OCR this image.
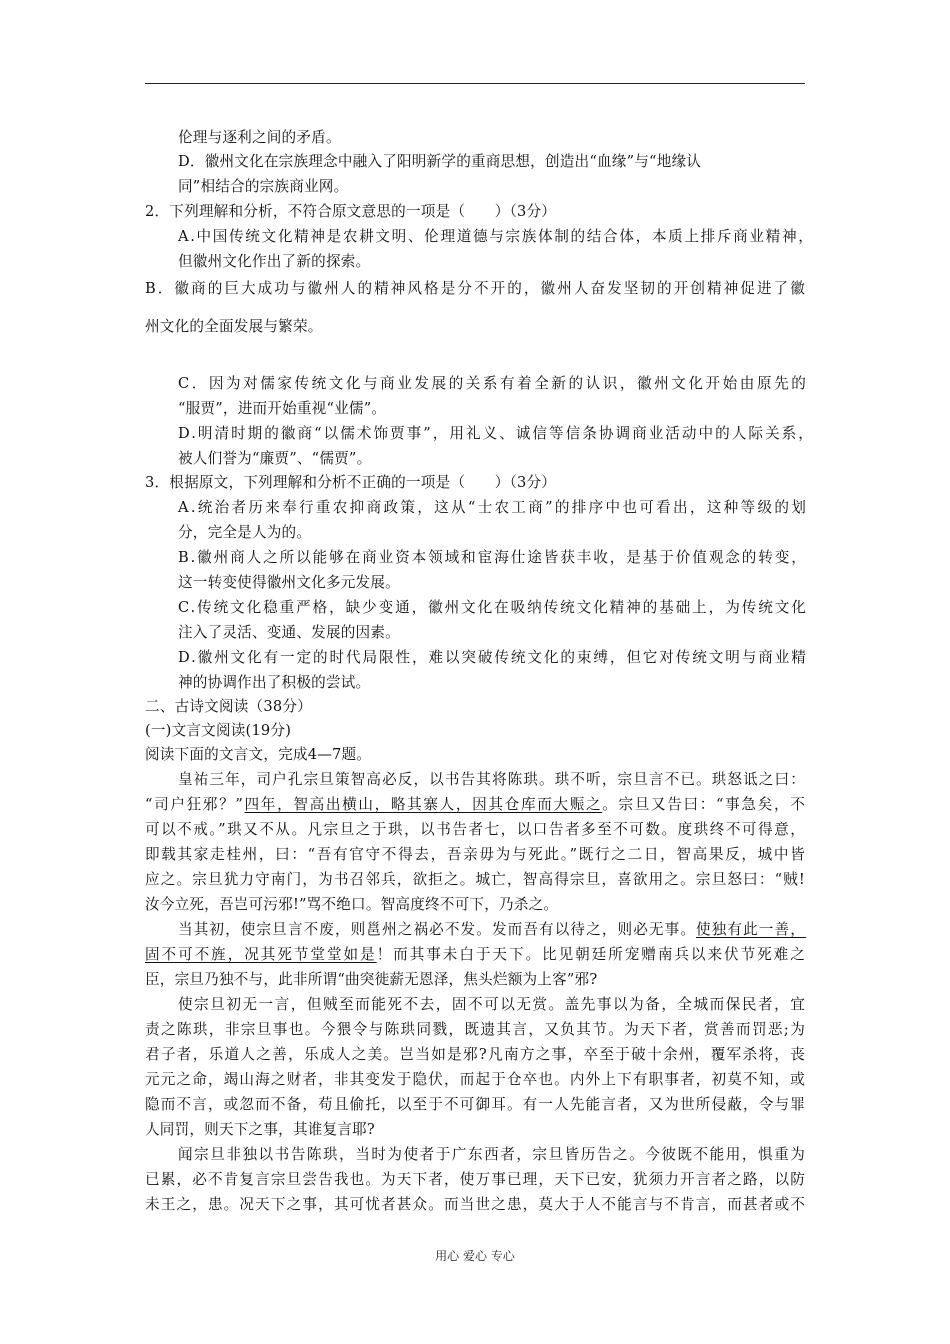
伦理与逐利之间的矛盾。

D．徽州文化在宗族理念中融入了阳明新学的重商思想，创造出“血缘”与“地缘认

同”相结合的宗族商业网。

2．下列理解和分析，不符合原文意思的一项是（　　）（3分）

A.中国传统文化精神是农耕文明、伦理道德与宗族体制的结合体，本质上排斥商业精神，

但徽州文化作出了新的探索。

B．徽商的巨大成功与徽州人的精神风格是分不开的，徽州人奋发坚韧的开创精神促进了徽

州文化的全面发展与繁荣。

C．因为对儒家传统文化与商业发展的关系有着全新的认识，徽州文化开始由原先的

“服贾”，进而开始重视“业儒”。

D.明清时期的徽商“以儒术饰贾事”，用礼义、诚信等信条协调商业活动中的人际关系，

被人们誉为“廉贾”、“儒贾”。

3．根据原文，下列理解和分析不正确的一项是（　　）（3分）

A.统治者历来奉行重农抑商政策，这从“士农工商”的排序中也可看出，这种等级的划

分，完全是人为的。

B.徽州商人之所以能够在商业资本领域和宦海仕途皆获丰收，是基于价值观念的转变，

这一转变使得徽州文化多元发展。

C.传统文化稳重严格，缺少变通，徽州文化在吸纳传统文化精神的基础上，为传统文化

注入了灵活、变通、发展的因素。

D.徽州文化有一定的时代局限性，难以突破传统文化的束缚，但它对传统文明与商业精

神的协调作出了积极的尝试。

二、古诗文阅读（38分）

(一)文言文阅读(19分)

阅读下面的文言文，完成4—7题。

皇祐三年，司户孔宗旦策智高必反，以书告其将陈珙。珙不听，宗旦言不已。珙怒诋之曰：

“司户狂邪？”四年，智高出横山，略其寨人，因其仓库而大赈之。宗旦又告曰：“事急矣，不

可以不戒。”珙又不从。凡宗旦之于珙，以书告者七，以口告者多至不可数。度珙终不可得意，

即载其家走桂州，曰：“吾有官守不得去，吾亲毋为与死此。”既行之二日，智高果反，城中皆

应之。宗旦犹力守南门，为书召邻兵，欲拒之。城亡，智高得宗旦，喜欲用之。宗旦怒曰：“贼!

汝今立死，吾岂可污邪!”骂不绝口。智高度终不可下，乃杀之。

当其初，使宗旦言不废，则邕州之祸必不发。发而吾有以待之，则必无事。使独有此一善，

固不可不旌，况其死节堂堂如是！而其事未白于天下。比见朝廷所宠赠南兵以来伏节死难之

臣，宗旦乃独不与，此非所谓“曲突徙薪无恩泽，焦头烂额为上客”邪?

使宗旦初无一言，但贼至而能死不去，固不可以无赏。盖先事以为备，全城而保民者，宜

责之陈珙，非宗旦事也。今猥令与陈珙同戮，既遗其言，又负其节。为天下者，赏善而罚恶;为

君子者，乐道人之善，乐成人之美。岂当如是邪?凡南方之事，卒至于破十余州，覆军杀将，丧

元元之命，竭山海之财者，非其变发于隐伏，而起于仓卒也。内外上下有职事者，初莫不知，或

隐而不言，或忽而不备，苟且偷托，以至于不可御耳。有一人先能言者，又为世所侵蔽，令与罪

人同罚，则天下之事，其谁复言耶?

闻宗旦非独以书告陈珙，当时为使者于广东西者，宗旦皆历告之。今彼既不能用，惧重为

已累，必不肯复言宗旦尝告我也。为天下者，使万事已理，天下已安，犹须力开言者之路，以防

未王之，患。况天下之事，其可忧者甚众。而当世之患，莫大于人不能言与不肯言，而甚者或不

用心 爱心 专心
